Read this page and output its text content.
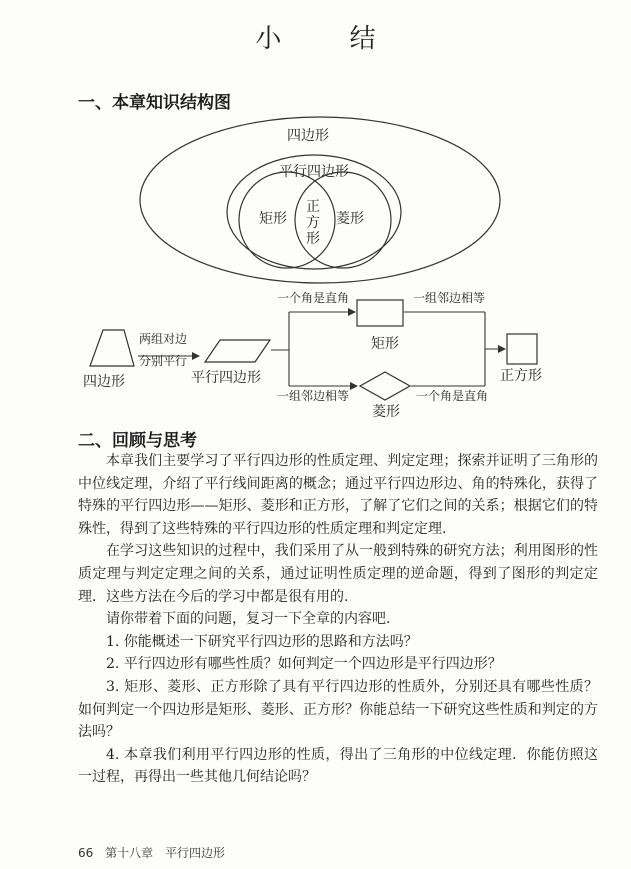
小 结
一、本章知识结构图
四边形
平行四边形
矩形	菱形
正
方
形
四边形
两组对边
分别平行
平行四边形
一个角是直角	一组邻边相等
矩形
一组邻边相等	一个角是直角
菱形
正方形
二、回顾与思考

本章我们主要学习了平行四边形的性质定理、判定定理；探索并证明了三角形的中位线定理，介绍了平行线间距离的概念；通过平行四边形边、角的特殊化，获得了特殊的平行四边形——矩形、菱形和正方形，了解了它们之间的关系；根据它们的特殊性，得到了这些特殊的平行四边形的性质定理和判定定理.

在学习这些知识的过程中，我们采用了从一般到特殊的研究方法；利用图形的性质定理与判定定理之间的关系，通过证明性质定理的逆命题，得到了图形的判定定理．这些方法在今后的学习中都是很有用的.

请你带着下面的问题，复习一下全章的内容吧.

1. 你能概述一下研究平行四边形的思路和方法吗？

2. 平行四边形有哪些性质？如何判定一个四边形是平行四边形？

3. 矩形、菱形、正方形除了具有平行四边形的性质外，分别还具有哪些性质？如何判定一个四边形是矩形、菱形、正方形？你能总结一下研究这些性质和判定的方法吗？

4. 本章我们利用平行四边形的性质，得出了三角形的中位线定理．你能仿照这一过程，再得出一些其他几何结论吗？

66 第十八章 平行四边形
